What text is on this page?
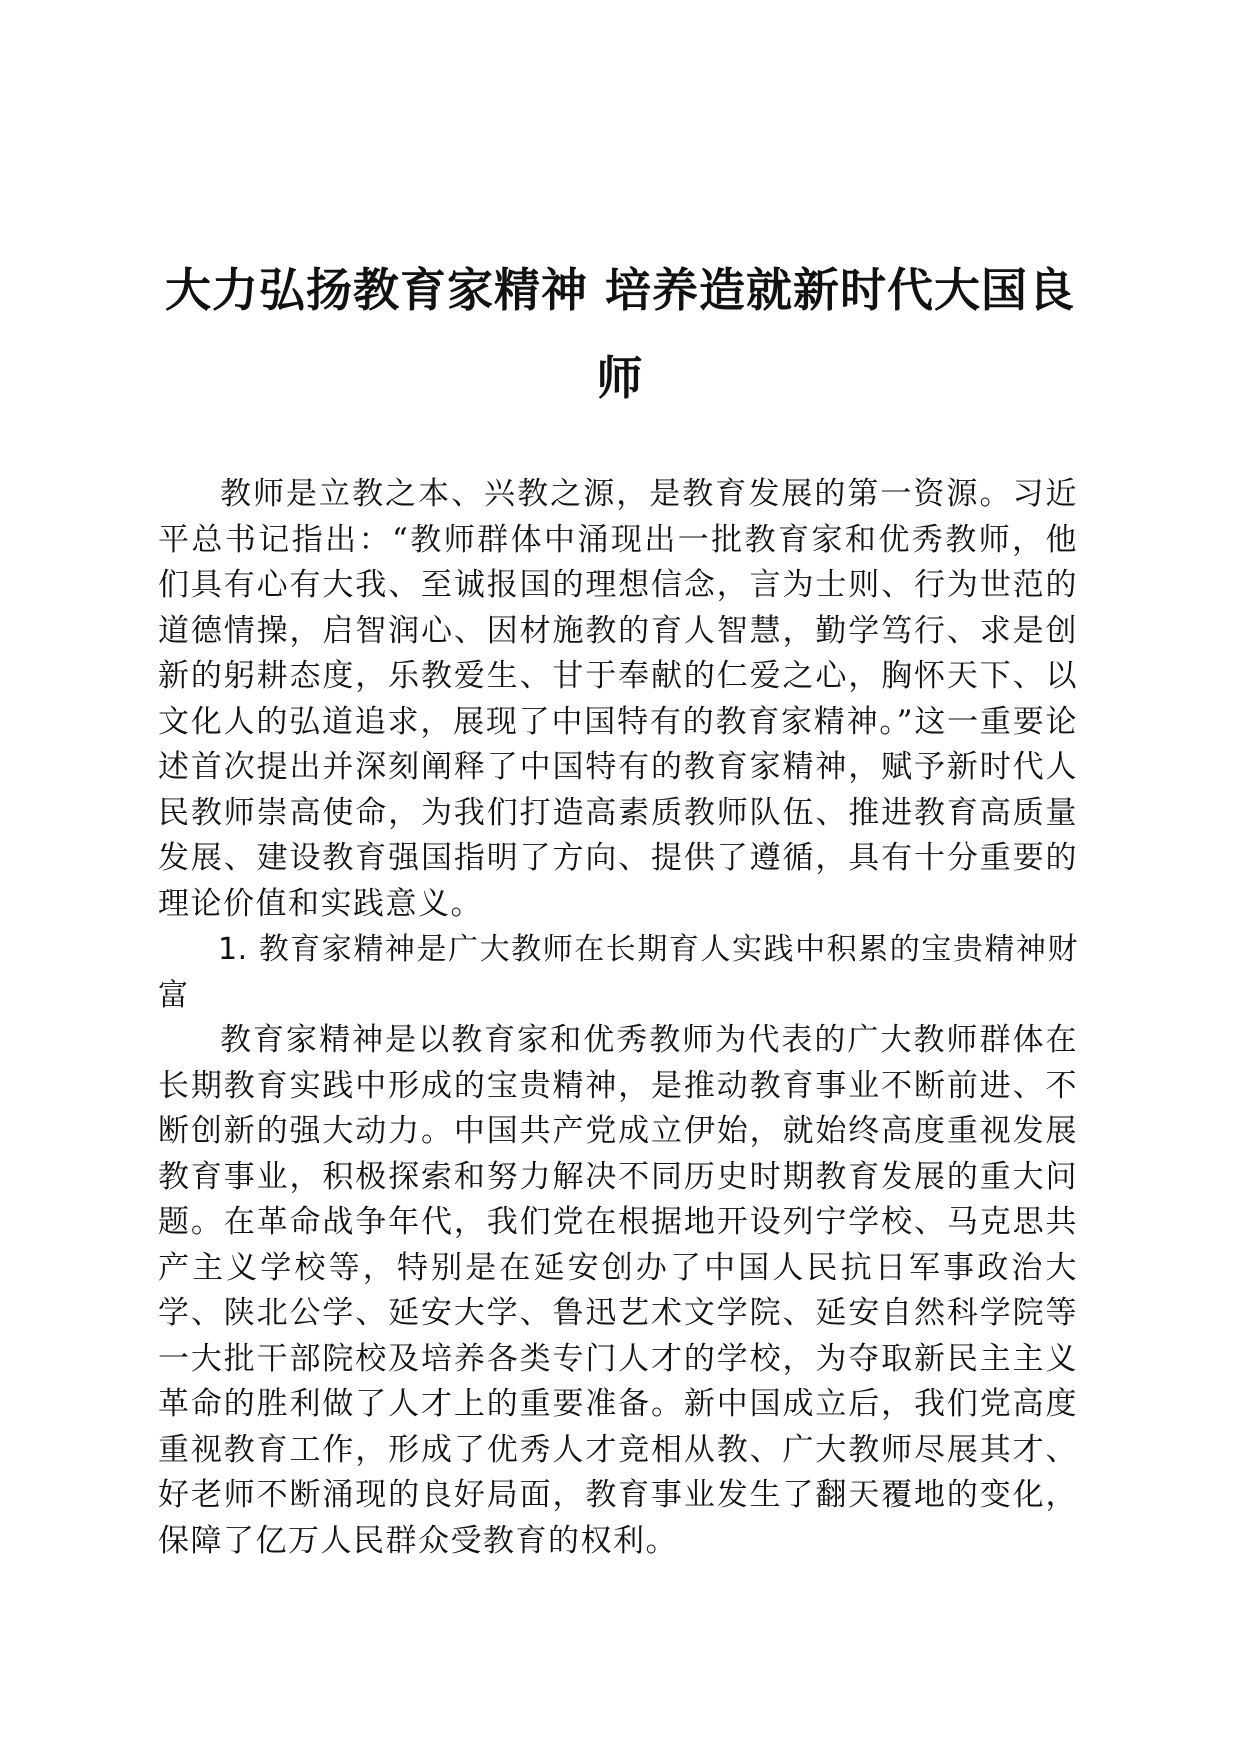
大力弘扬教育家精神 培养造就新时代大国良师

教师是立教之本、兴教之源，是教育发展的第一资源。习近平总书记指出：“教师群体中涌现出一批教育家和优秀教师，他们具有心有大我、至诚报国的理想信念，言为士则、行为世范的道德情操，启智润心、因材施教的育人智慧，勤学笃行、求是创新的躬耕态度，乐教爱生、甘于奉献的仁爱之心，胸怀天下、以文化人的弘道追求，展现了中国特有的教育家精神。”这一重要论述首次提出并深刻阐释了中国特有的教育家精神，赋予新时代人民教师崇高使命，为我们打造高素质教师队伍、推进教育高质量发展、建设教育强国指明了方向、提供了遵循，具有十分重要的理论价值和实践意义。

1. 教育家精神是广大教师在长期育人实践中积累的宝贵精神财富

教育家精神是以教育家和优秀教师为代表的广大教师群体在长期教育实践中形成的宝贵精神，是推动教育事业不断前进、不断创新的强大动力。中国共产党成立伊始，就始终高度重视发展教育事业，积极探索和努力解决不同历史时期教育发展的重大问题。在革命战争年代，我们党在根据地开设列宁学校、马克思共产主义学校等，特别是在延安创办了中国人民抗日军事政治大学、陕北公学、延安大学、鲁迅艺术文学院、延安自然科学院等一大批干部院校及培养各类专门人才的学校，为夺取新民主主义革命的胜利做了人才上的重要准备。新中国成立后，我们党高度重视教育工作，形成了优秀人才竞相从教、广大教师尽展其才、好老师不断涌现的良好局面，教育事业发生了翻天覆地的变化，保障了亿万人民群众受教育的权利。
